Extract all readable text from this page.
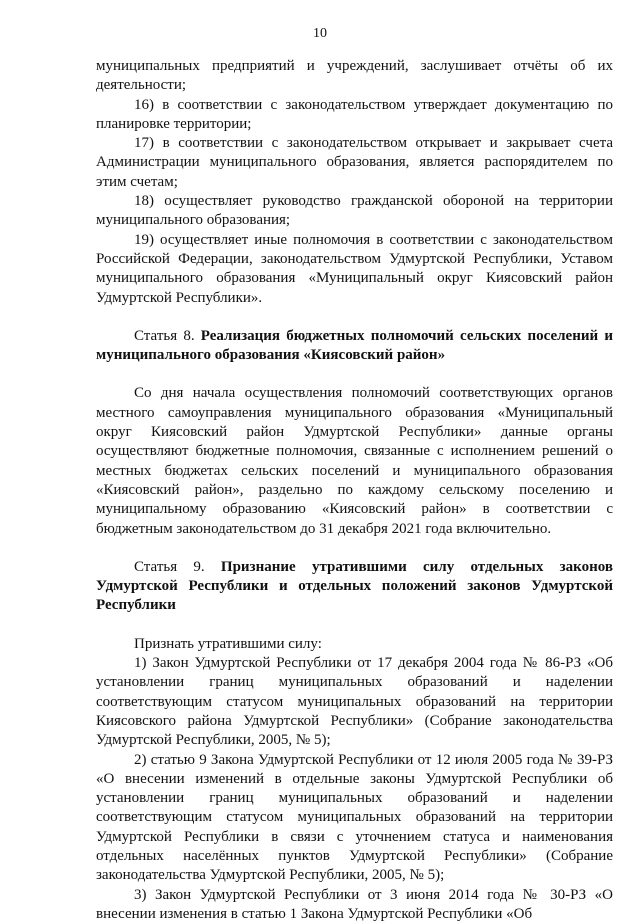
10

муниципальных предприятий и учреждений, заслушивает отчёты об их деятельности;

16) в соответствии с законодательством утверждает документацию по планировке территории;

17) в соответствии с законодательством открывает и закрывает счета Администрации муниципального образования, является распорядителем по этим счетам;

18) осуществляет руководство гражданской обороной на территории муниципального образования;

19) осуществляет иные полномочия в соответствии с законодательством Российской Федерации, законодательством Удмуртской Республики, Уставом муниципального образования «Муниципальный округ Киясовский район Удмуртской Республики».

Статья 8. Реализация бюджетных полномочий сельских поселений и муниципального образования «Киясовский район»

Со дня начала осуществления полномочий соответствующих органов местного самоуправления муниципального образования «Муниципальный округ Киясовский район Удмуртской Республики» данные органы осуществляют бюджетные полномочия, связанные с исполнением решений о местных бюджетах сельских поселений и муниципального образования «Киясовский район», раздельно по каждому сельскому поселению и муниципальному образованию «Киясовский район» в соответствии с бюджетным законодательством до 31 декабря 2021 года включительно.

Статья 9. Признание утратившими силу отдельных законов Удмуртской Республики и отдельных положений законов Удмуртской Республики

Признать утратившими силу:

1) Закон Удмуртской Республики от 17 декабря 2004 года № 86-РЗ «Об установлении границ муниципальных образований и наделении соответствующим статусом муниципальных образований на территории Киясовского района Удмуртской Республики» (Собрание законодательства Удмуртской Республики, 2005, № 5);

2) статью 9 Закона Удмуртской Республики от 12 июля 2005 года № 39-РЗ «О внесении изменений в отдельные законы Удмуртской Республики об установлении границ муниципальных образований и наделении соответствующим статусом муниципальных образований на территории Удмуртской Республики в связи с уточнением статуса и наименования отдельных населённых пунктов Удмуртской Республики» (Собрание законодательства Удмуртской Республики, 2005, № 5);

3) Закон Удмуртской Республики от 3 июня 2014 года № 30-РЗ «О внесении изменения в статью 1 Закона Удмуртской Республики «Об
